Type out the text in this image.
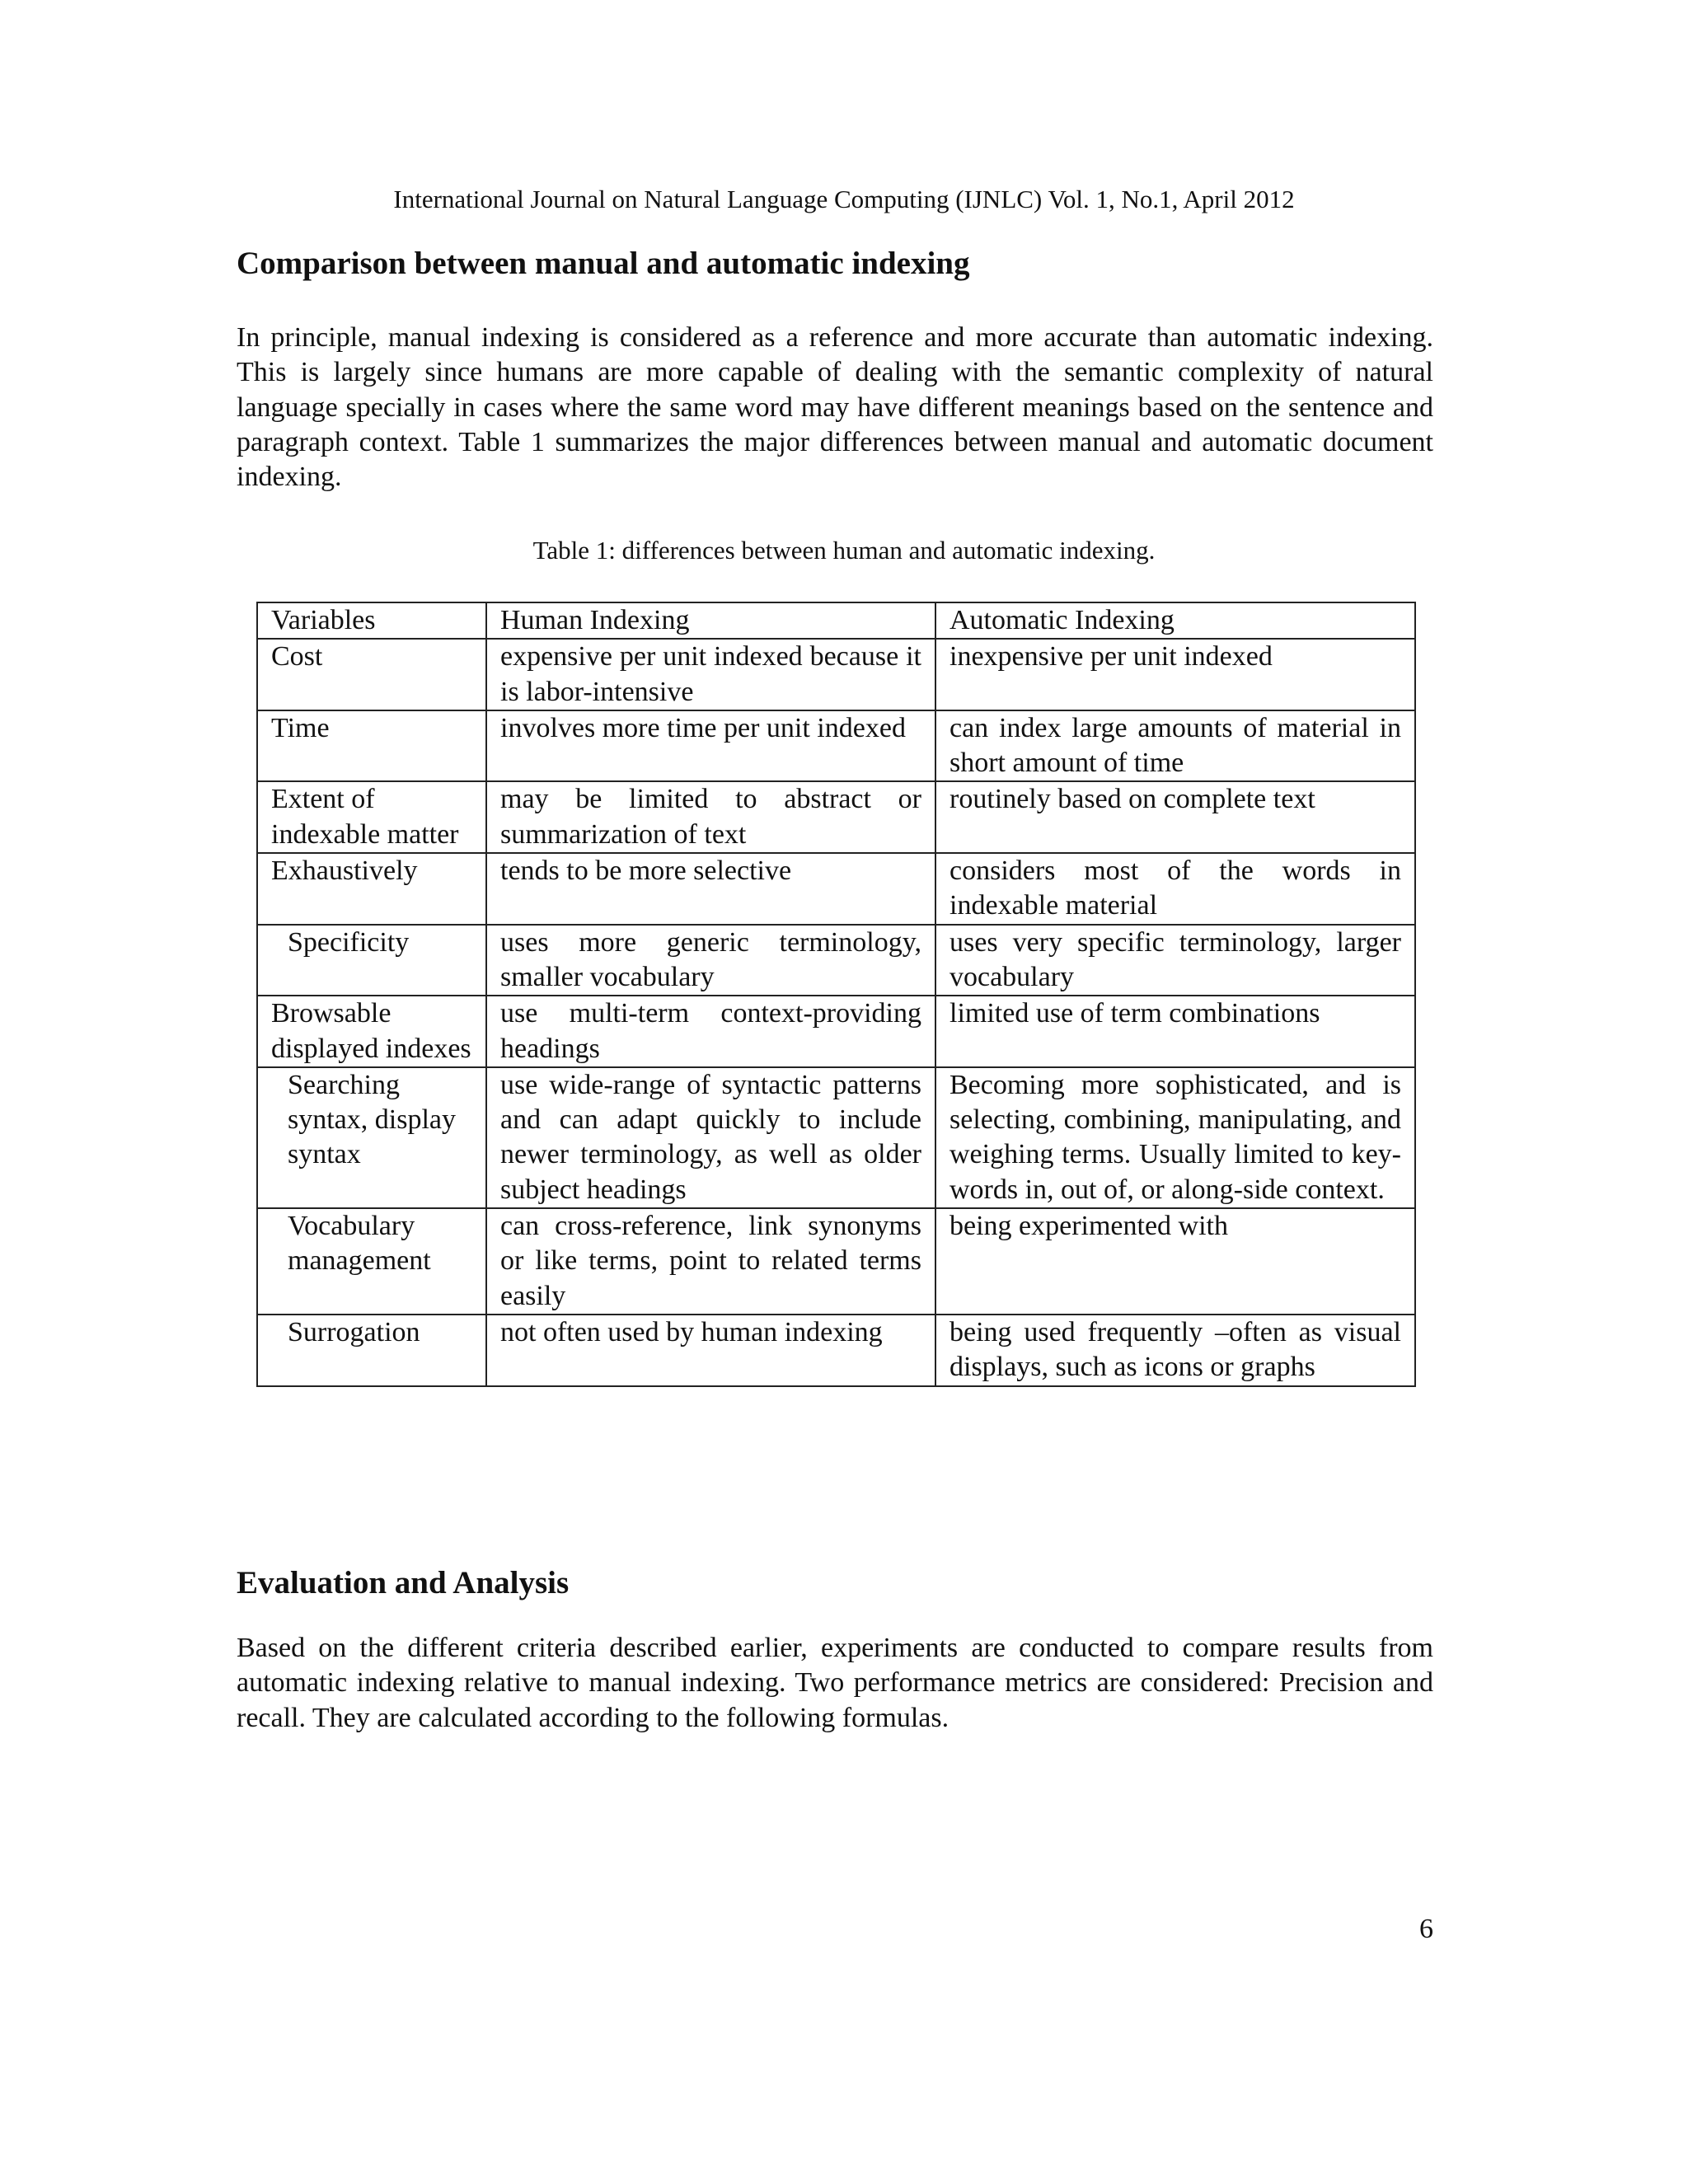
International Journal on Natural Language Computing (IJNLC) Vol. 1, No.1, April 2012
Comparison between manual and automatic indexing

In principle, manual indexing is considered as a reference and more accurate than automatic indexing. This is largely since humans are more capable of dealing with the semantic complexity of natural language specially in cases where the same word may have different meanings based on the sentence and paragraph context. Table 1 summarizes the major differences between manual and automatic document indexing.

Table 1: differences between human and automatic indexing.
Variables	Human Indexing	Automatic Indexing
Cost	expensive per unit indexed because it is labor-intensive	inexpensive per unit indexed
Time	involves more time per unit indexed	can index large amounts of material in short amount of time
Extent of indexable matter	may be limited to abstract or summarization of text	routinely based on complete text
Exhaustively	tends to be more selective	considers most of the words in indexable material
Specificity	uses more generic terminology, smaller vocabulary	uses very specific terminology, larger vocabulary
Browsable displayed indexes	use multi-term context-providing headings	limited use of term combinations
Searching syntax, display syntax	use wide-range of syntactic patterns and can adapt quickly to include newer terminology, as well as older subject headings	Becoming more sophisticated, and is selecting, combining, manipulating, and weighing terms. Usually limited to key-words in, out of, or along-side context.
Vocabulary management	can cross-reference, link synonyms or like terms, point to related terms easily	being experimented with
Surrogation	not often used by human indexing	being used frequently –often as visual displays, such as icons or graphs
Evaluation and Analysis

Based on the different criteria described earlier, experiments are conducted to compare results from automatic indexing relative to manual indexing. Two performance metrics are considered: Precision and recall. They are calculated according to the following formulas.

6
